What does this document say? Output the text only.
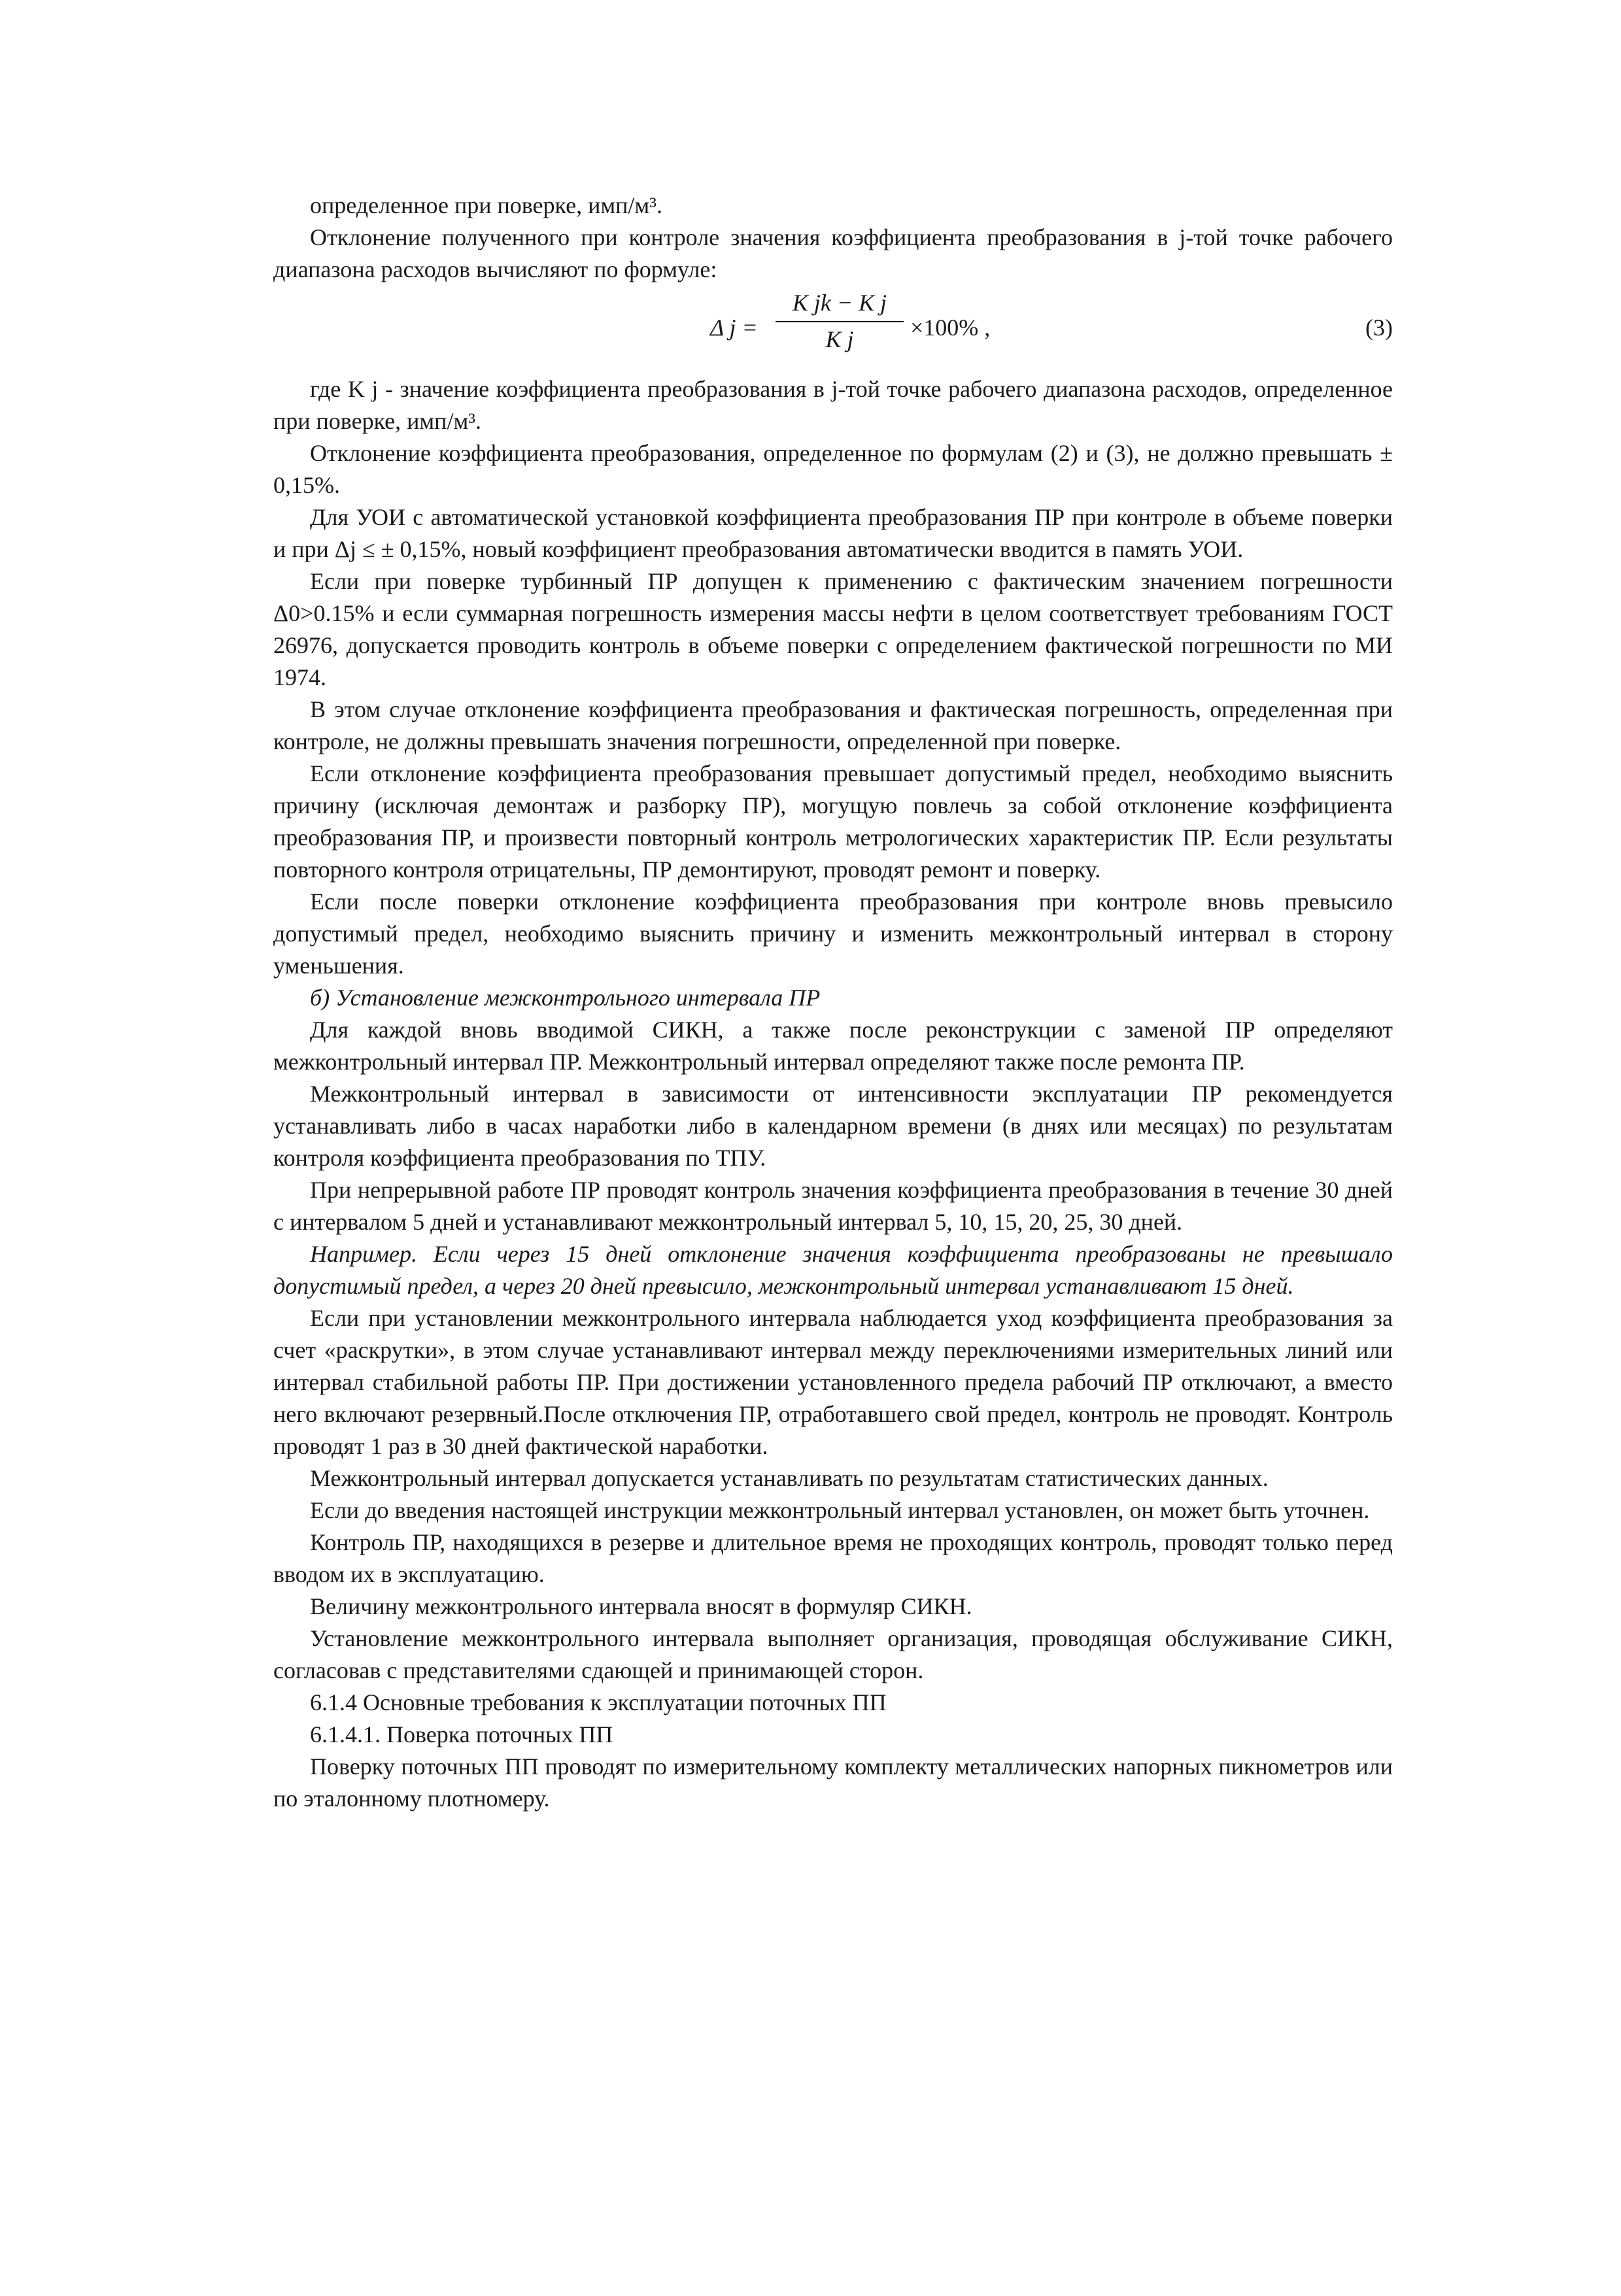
определенное при поверке, имп/м³.

Отклонение полученного при контроле значения коэффициента преобразования в j-той точке рабочего диапазона расходов вычисляют по формуле:

Δ j =
K jk − K j
K j	×100% ,	(3)

где K j - значение коэффициента преобразования в j-той точке рабочего диапазона расходов, определенное при поверке, имп/м³.

Отклонение коэффициента преобразования, определенное по формулам (2) и (3), не должно превышать ± 0,15%.

Для УОИ с автоматической установкой коэффициента преобразования ПР при контроле в объеме поверки и при Δj ≤ ± 0,15%, новый коэффициент преобразования автоматически вводится в память УОИ.

Если при поверке турбинный ПР допущен к применению с фактическим значением погрешности Δ0>0.15% и если суммарная погрешность измерения массы нефти в целом соответствует требованиям ГОСТ 26976, допускается проводить контроль в объеме поверки с определением фактической погрешности по МИ 1974.

В этом случае отклонение коэффициента преобразования и фактическая погрешность, определенная при контроле, не должны превышать значения погрешности, определенной при поверке.

Если отклонение коэффициента преобразования превышает допустимый предел, необходимо выяснить причину (исключая демонтаж и разборку ПР), могущую повлечь за собой отклонение коэффициента преобразования ПР, и произвести повторный контроль метрологических характеристик ПР. Если результаты повторного контроля отрицательны, ПР демонтируют, проводят ремонт и поверку.

Если после поверки отклонение коэффициента преобразования при контроле вновь превысило допустимый предел, необходимо выяснить причину и изменить межконтрольный интервал в сторону уменьшения.

б) Установление межконтрольного интервала ПР

Для каждой вновь вводимой СИКН, а также после реконструкции с заменой ПР определяют межконтрольный интервал ПР. Межконтрольный интервал определяют также после ремонта ПР.

Межконтрольный интервал в зависимости от интенсивности эксплуатации ПР рекомендуется устанавливать либо в часах наработки либо в календарном времени (в днях или месяцах) по результатам контроля коэффициента преобразования по ТПУ.

При непрерывной работе ПР проводят контроль значения коэффициента преобразования в течение 30 дней с интервалом 5 дней и устанавливают межконтрольный интервал 5, 10, 15, 20, 25, 30 дней.

Например. Если через 15 дней отклонение значения коэффициента преобразованы не превышало допустимый предел, а через 20 дней превысило, межконтрольный интервал устанавливают 15 дней.

Если при установлении межконтрольного интервала наблюдается уход коэффициента преобразования за счет «раскрутки», в этом случае устанавливают интервал между переключениями измерительных линий или интервал стабильной работы ПР. При достижении установленного предела рабочий ПР отключают, а вместо него включают резервный.После отключения ПР, отработавшего свой предел, контроль не проводят. Контроль проводят 1 раз в 30 дней фактической наработки.

Межконтрольный интервал допускается устанавливать по результатам статистических данных.

Если до введения настоящей инструкции межконтрольный интервал установлен, он может быть уточнен.

Контроль ПР, находящихся в резерве и длительное время не проходящих контроль, проводят только перед вводом их в эксплуатацию.

Величину межконтрольного интервала вносят в формуляр СИКН.

Установление межконтрольного интервала выполняет организация, проводящая обслуживание СИКН, согласовав с представителями сдающей и принимающей сторон.

6.1.4 Основные требования к эксплуатации поточных ПП

6.1.4.1. Поверка поточных ПП

Поверку поточных ПП проводят по измерительному комплекту металлических напорных пикнометров или по эталонному плотномеру.
